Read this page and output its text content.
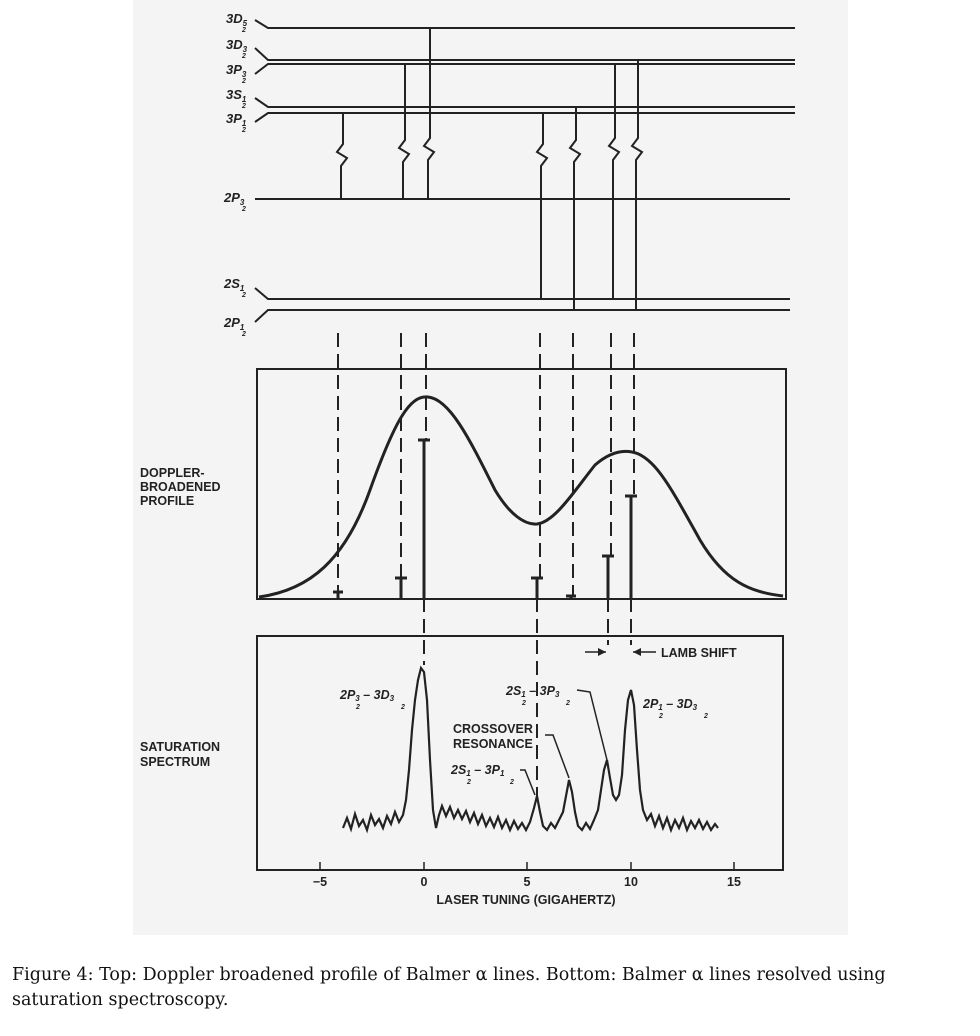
$3D_5$
2
$3D_3$
2
$3P_3$
2
$3S_1$
2
$3P_1$
2
$2P_3$
2
$2S_1$
2
$2P_1$
2
DOPPLER-
BROADENED
PROFILE
SATURATION
SPECTRUM
LAMB SHIFT
2P3 – 3D3
2	2
2S1 – 3P3
2	2
CROSSOVER
RESONANCE
2S1 – 3P1
2	2
2P1 – 3D3
2	2
−5	0	5	10	15
LASER TUNING (GIGAHERTZ)
Figure 4: Top: Doppler broadened profile of Balmer α lines. Bottom: Balmer α lines resolved using saturation spectroscopy.
